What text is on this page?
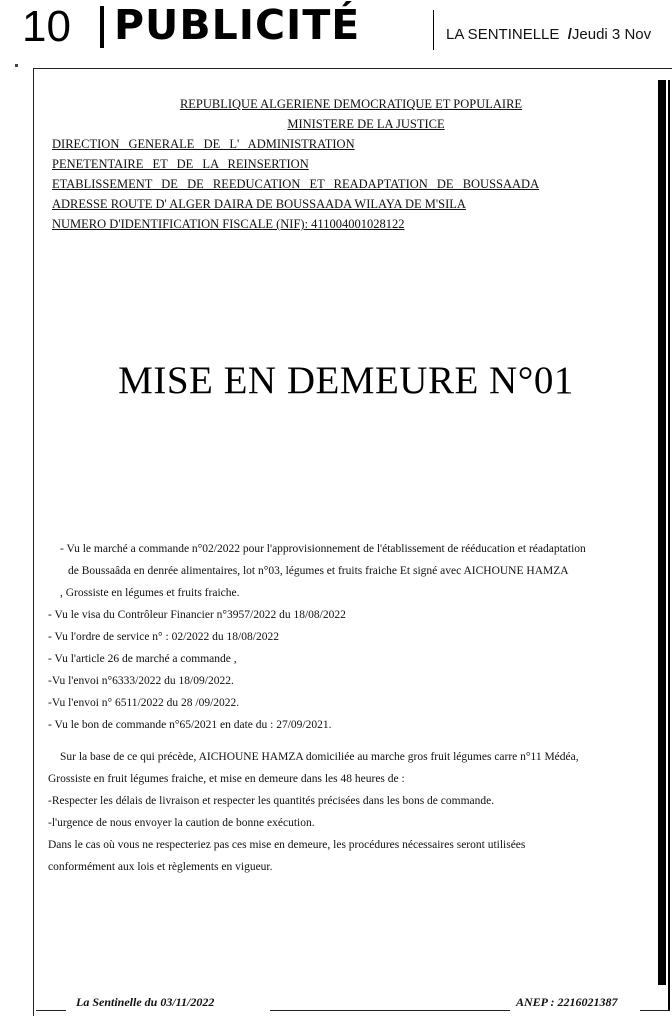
10 PUBLICITÉ	LA SENTINELLE  /Jeudi 3 Nov
REPUBLIQUE ALGERIENE DEMOCRATIQUE ET POPULAIRE
MINISTERE DE LA JUSTICE
DIRECTION GENERALE DE L' ADMINISTRATION
PENETENTAIRE ET DE LA REINSERTION
ETABLISSEMENT DE DE REEDUCATION ET READAPTATION DE BOUSSAADA
ADRESSE ROUTE D' ALGER DAIRA DE BOUSSAADA WILAYA DE M'SILA
NUMERO D'IDENTIFICATION FISCALE (NIF): 411004001028122
MISE EN DEMEURE N°01

- Vu le marché a commande n°02/2022 pour l'approvisionnement de l'établissement de rééducation et réadaptation

de Boussaâda en denrée alimentaires, lot n°03, légumes et fruits fraiche Et signé avec AICHOUNE HAMZA

, Grossiste en légumes et fruits fraiche.

- Vu le visa du Contrôleur Financier n°3957/2022 du 18/08/2022

- Vu l'ordre de service n° : 02/2022 du 18/08/2022

- Vu l'article 26 de marché a commande ,

-Vu l'envoi n°6333/2022 du 18/09/2022.

-Vu l'envoi n° 6511/2022 du 28 /09/2022.

- Vu le bon de commande n°65/2021 en date du : 27/09/2021.

Sur la base de ce qui précède, AICHOUNE HAMZA domiciliée au marche gros fruit légumes carre n°11 Médéa,

Grossiste en fruit légumes fraiche, et mise en demeure dans les 48 heures de :

-Respecter les délais de livraison et respecter les quantités précisées dans les bons de commande.

-l'urgence de nous envoyer la caution de bonne exécution.

Dans le cas où vous ne respecteriez pas ces mise en demeure, les procédures nécessaires seront utilisées

conformément aux lois et règlements en vigueur.

La Sentinelle du 03/11/2022	ANEP : 2216021387
